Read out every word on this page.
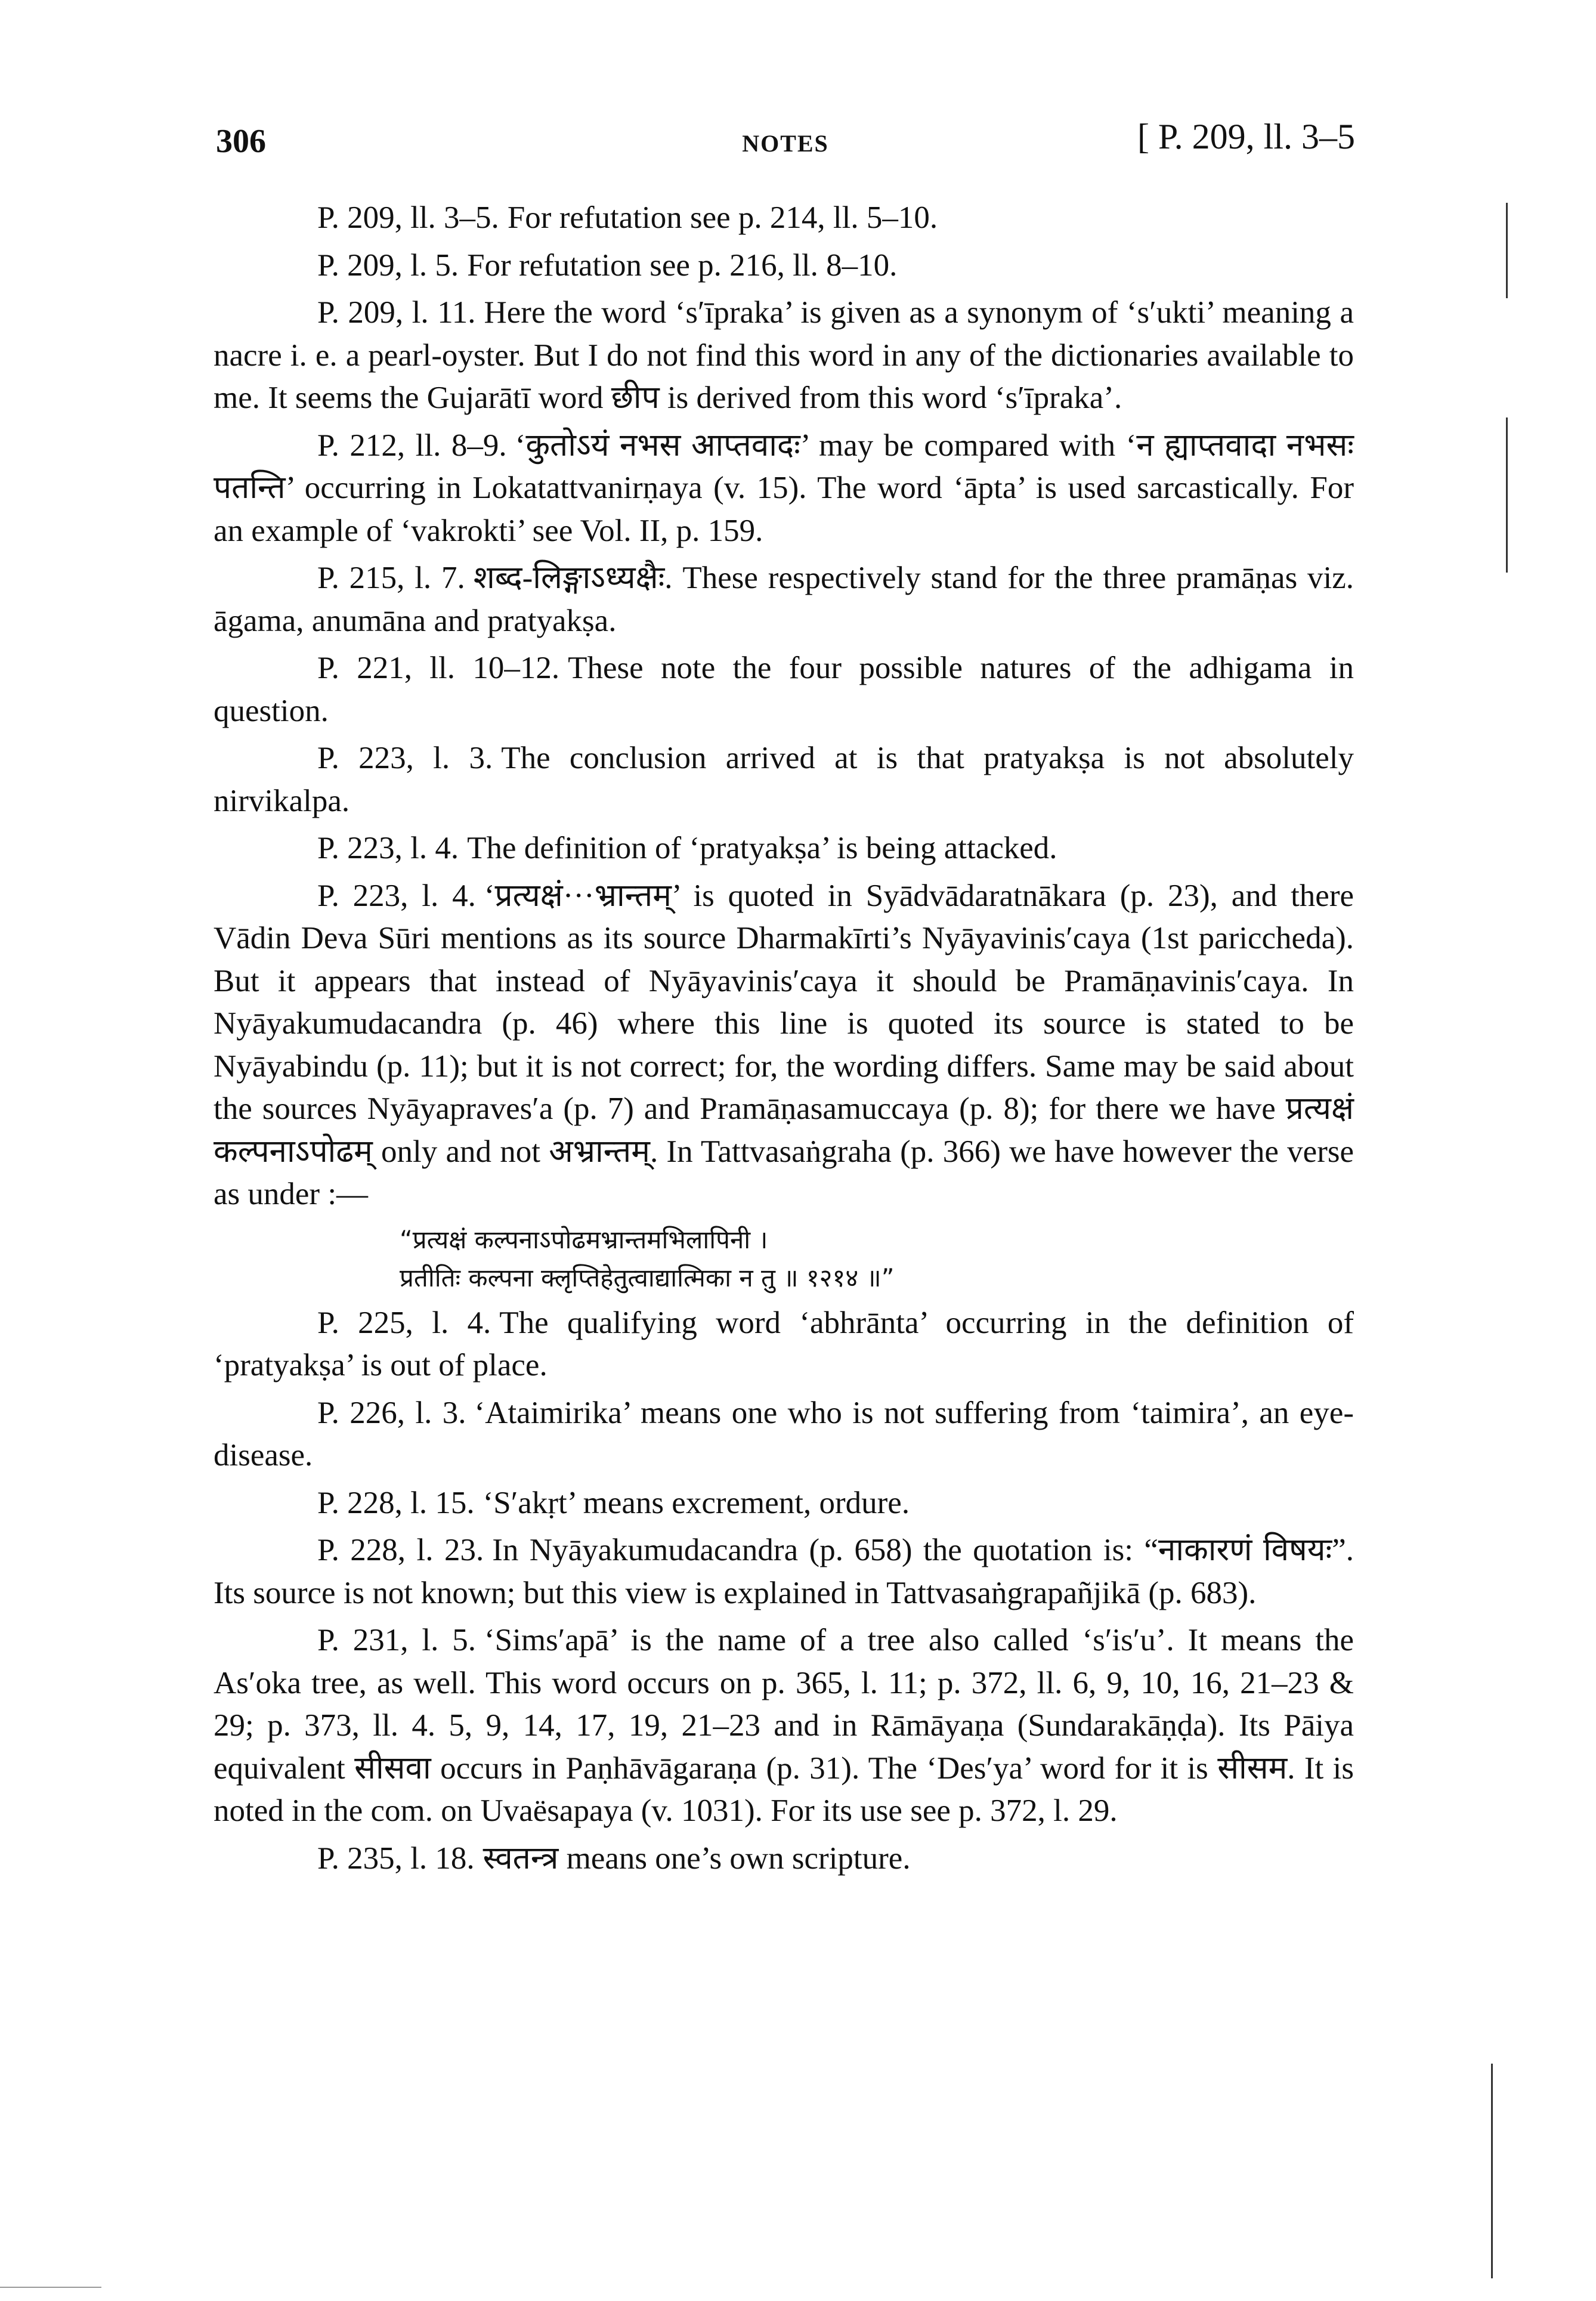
306	NOTES	[ P. 209, ll. 3–5

P. 209, ll. 3–5. For refutation see p. 214, ll. 5–10.

P. 209, l. 5. For refutation see p. 216, ll. 8–10.

P. 209, l. 11. Here the word ‘s′īpraka’ is given as a synonym of ‘s′ukti’ meaning a nacre i. e. a pearl-oyster. But I do not find this word in any of the dictionaries available to me. It seems the Gujarātī word छीप is derived from this word ‘s′īpraka’.

P. 212, ll. 8–9. ‘कुतोऽयं नभस आप्तवादः’ may be compared with ‘न ह्याप्तवादा नभसः पतन्ति’ occurring in Lokatattvanirṇaya (v. 15). The word ‘āpta’ is used sarcastically. For an example of ‘vakrokti’ see Vol. II, p. 159.

P. 215, l. 7. शब्द-लिङ्गाऽध्यक्षैः. These respectively stand for the three pramāṇas viz. āgama, anumāna and pratyakṣa.

P. 221, ll. 10–12. These note the four possible natures of the adhigama in question.

P. 223, l. 3. The conclusion arrived at is that pratyakṣa is not absolutely nirvikalpa.

P. 223, l. 4. The definition of ‘pratyakṣa’ is being attacked.

P. 223, l. 4. ‘प्रत्यक्षं···भ्रान्तम्’ is quoted in Syādvādaratnākara (p. 23), and there Vādin Deva Sūri mentions as its source Dharmakīrti’s Nyāyavinis′caya (1st pariccheda). But it appears that instead of Nyāyavinis′caya it should be Pramāṇavinis′caya. In Nyāyakumudacandra (p. 46) where this line is quoted its source is stated to be Nyāyabindu (p. 11); but it is not correct; for, the wording differs. Same may be said about the sources Nyāyapraves′a (p. 7) and Pramāṇasamuccaya (p. 8); for there we have प्रत्यक्षं कल्पनाऽपोढम् only and not अभ्रान्तम्. In Tattvasaṅgraha (p. 366) we have however the verse as under :—

“प्रत्यक्षं कल्पनाऽपोढमभ्रान्तमभिलापिनी ।
प्रतीतिः कल्पना क्लृप्तिहेतुत्वाद्यात्मिका न तु ॥ १२१४ ॥”

P. 225, l. 4. The qualifying word ‘abhrānta’ occurring in the definition of ‘pratyakṣa’ is out of place.

P. 226, l. 3. ‘Ataimirika’ means one who is not suffering from ‘taimira’, an eye-disease.

P. 228, l. 15. ‘S′akṛt’ means excrement, ordure.

P. 228, l. 23. In Nyāyakumudacandra (p. 658) the quotation is: “नाकारणं विषयः”. Its source is not known; but this view is explained in Tattvasaṅgrapañjikā (p. 683).

P. 231, l. 5. ‘Sims′apā’ is the name of a tree also called ‘s′is′u’. It means the As′oka tree, as well. This word occurs on p. 365, l. 11; p. 372, ll. 6, 9, 10, 16, 21–23 & 29; p. 373, ll. 4. 5, 9, 14, 17, 19, 21–23 and in Rāmāyaṇa (Sundarakāṇḍa). Its Pāiya equivalent सीसवा occurs in Paṇhāvāgaraṇa (p. 31). The ‘Des′ya’ word for it is सीसम. It is noted in the com. on Uvaësapaya (v. 1031). For its use see p. 372, l. 29.

P. 235, l. 18. स्वतन्त्र means one’s own scripture.
